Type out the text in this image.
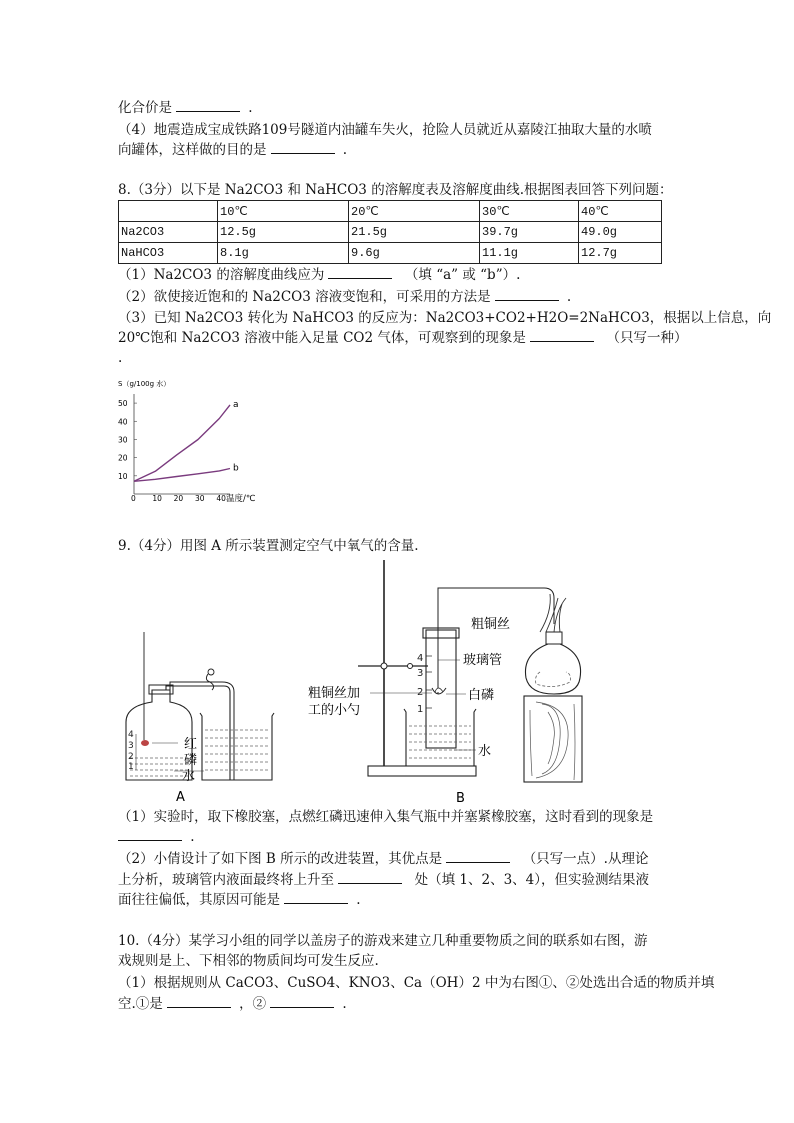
化合价是	.
（4）地震造成宝成铁路109号隧道内油罐车失火，抢险人员就近从嘉陵江抽取大量的水喷
向罐体，这样做的目的是	.
8.（3分）以下是 Na2CO3 和 NaHCO3 的溶解度表及溶解度曲线.根据图表回答下列问题：
	10℃	20℃	30℃	40℃
Na2CO3	12.5g	21.5g	39.7g	49.0g
NaHCO3	8.1g	9.6g	11.1g	12.7g
（1）Na2CO3 的溶解度曲线应为	（填 “a” 或 “b”）.
（2）欲使接近饱和的 Na2CO3 溶液变饱和，可采用的方法是	.
（3）已知 Na2CO3 转化为 NaHCO3 的反应为：Na2CO3+CO2+H2O=2NaHCO3，根据以上信息，向
20℃饱和 Na2CO3 溶液中能入足量 CO2 气体，可观察到的现象是	（只写一种）
.
S（g/100g 水）
10
20
30
40
50
0 10 20 30 40
a
b
温度/℃
9.（4分）用图 A 所示装置测定空气中氧气的含量.
4
3
2
1
红
磷
水
A
4
3
2
1
粗铜丝
玻璃管
白磷
粗铜丝加
工的小勺
水
B
（1）实验时，取下橡胶塞，点燃红磷迅速伸入集气瓶中并塞紧橡胶塞，这时看到的现象是
.
（2）小倩设计了如下图 B 所示的改进装置，其优点是	（只写一点）.从理论
上分析，玻璃管内液面最终将上升至	处（填 1、2、3、4），但实验测结果液
面往往偏低，其原因可能是	.
10.（4分）某学习小组的同学以盖房子的游戏来建立几种重要物质之间的联系如右图，游
戏规则是上、下相邻的物质间均可发生反应.
（1）根据规则从 CaCO3、CuSO4、KNO3、Ca（OH）2 中为右图①、②处选出合适的物质并填
空.①是	，②	.
